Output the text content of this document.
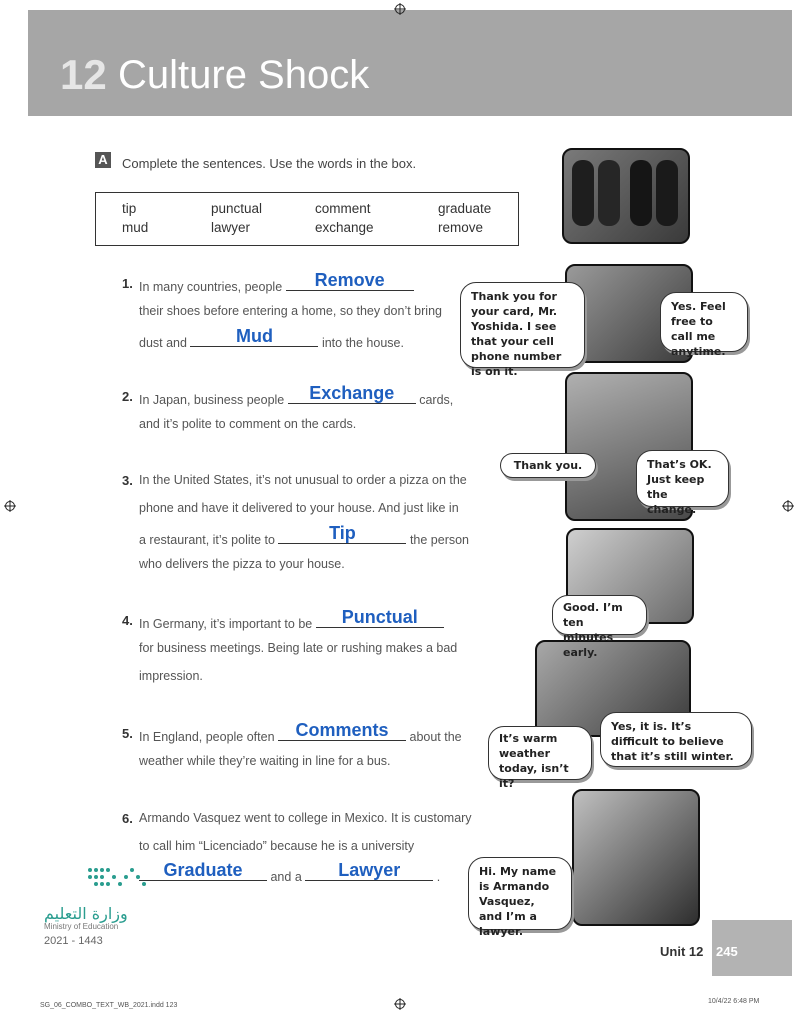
12 Culture Shock
A Complete the sentences. Use the words in the box.
tip	punctual	comment	graduate
mud	lawyer	exchange	remove
1. In many countries, people	Remove
their shoes before entering a home, so they don’t bring
dust and	Mud	into the house.
2. In Japan, business people	Exchange	cards,
and it’s polite to comment on the cards.
3. In the United States, it’s not unusual to order a pizza on the
phone and have it delivered to your house. And just like in
a restaurant, it’s polite to	Tip	the person
who delivers the pizza to your house.
4. In Germany, it’s important to be	Punctual
for business meetings. Being late or rushing makes a bad
impression.
5. In England, people often	Comments	about the
weather while they’re waiting in line for a bus.
6. Armando Vasquez went to college in Mexico. It is customary
to call him “Licenciado” because he is a university
Graduate	and a	Lawyer	.
Thank you for your card, Mr. Yoshida. I see that your cell phone number is on it.
Yes. Feel free to call me anytime.
Thank you.	That’s OK. Just keep the change.
Good. I’m ten minutes early.
It’s warm weather today, isn’t it?
Yes, it is. It’s difficult to believe that it’s still winter.
Hi. My name is Armando Vasquez, and I’m a lawyer.
وزارة التعليم
Ministry of Education
2021 - 1443
Unit 12 245
SG_06_COMBO_TEXT_WB_2021.indd 123
10/4/22 6:48 PM
